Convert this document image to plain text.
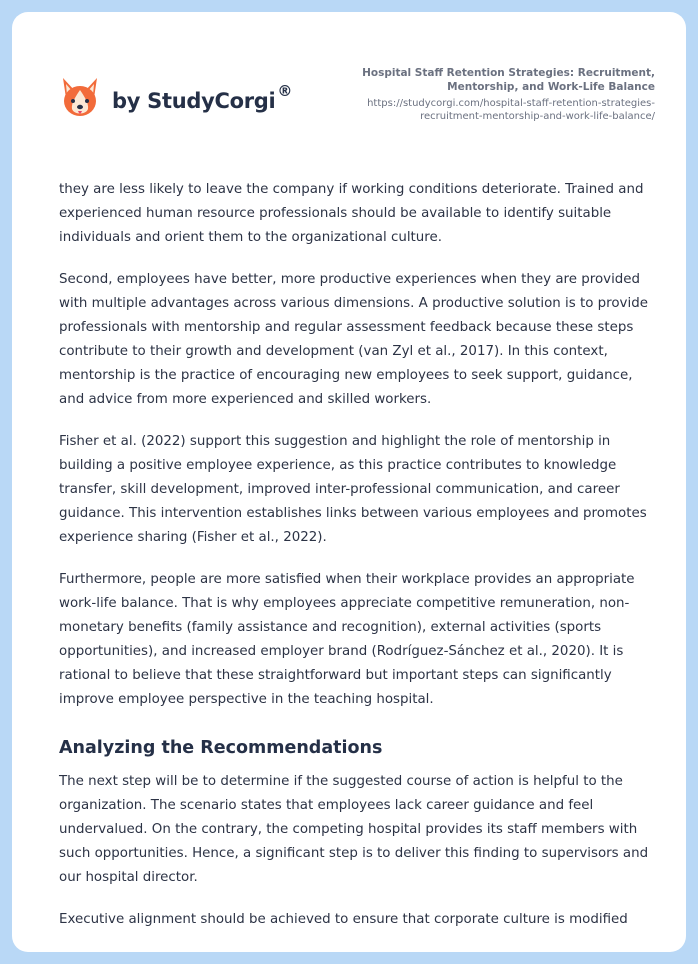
by StudyCorgi ®
Hospital Staff Retention Strategies: Recruitment, Mentorship, and Work-Life Balance
https://studycorgi.com/hospital-staff-retention-strategies-recruitment-mentorship-and-work-life-balance/

they are less likely to leave the company if working conditions deteriorate. Trained and experienced human resource professionals should be available to identify suitable individuals and orient them to the organizational culture.

Second, employees have better, more productive experiences when they are provided with multiple advantages across various dimensions. A productive solution is to provide professionals with mentorship and regular assessment feedback because these steps contribute to their growth and development (van Zyl et al., 2017). In this context, mentorship is the practice of encouraging new employees to seek support, guidance, and advice from more experienced and skilled workers.

Fisher et al. (2022) support this suggestion and highlight the role of mentorship in building a positive employee experience, as this practice contributes to knowledge transfer, skill development, improved inter-professional communication, and career guidance. This intervention establishes links between various employees and promotes experience sharing (Fisher et al., 2022).

Furthermore, people are more satisfied when their workplace provides an appropriate work-life balance. That is why employees appreciate competitive remuneration, non-monetary benefits (family assistance and recognition), external activities (sports opportunities), and increased employer brand (Rodríguez-Sánchez et al., 2020). It is rational to believe that these straightforward but important steps can significantly improve employee perspective in the teaching hospital.

Analyzing the Recommendations

The next step will be to determine if the suggested course of action is helpful to the organization. The scenario states that employees lack career guidance and feel undervalued. On the contrary, the competing hospital provides its staff members with such opportunities. Hence, a significant step is to deliver this finding to supervisors and our hospital director.

Executive alignment should be achieved to ensure that corporate culture is modified
